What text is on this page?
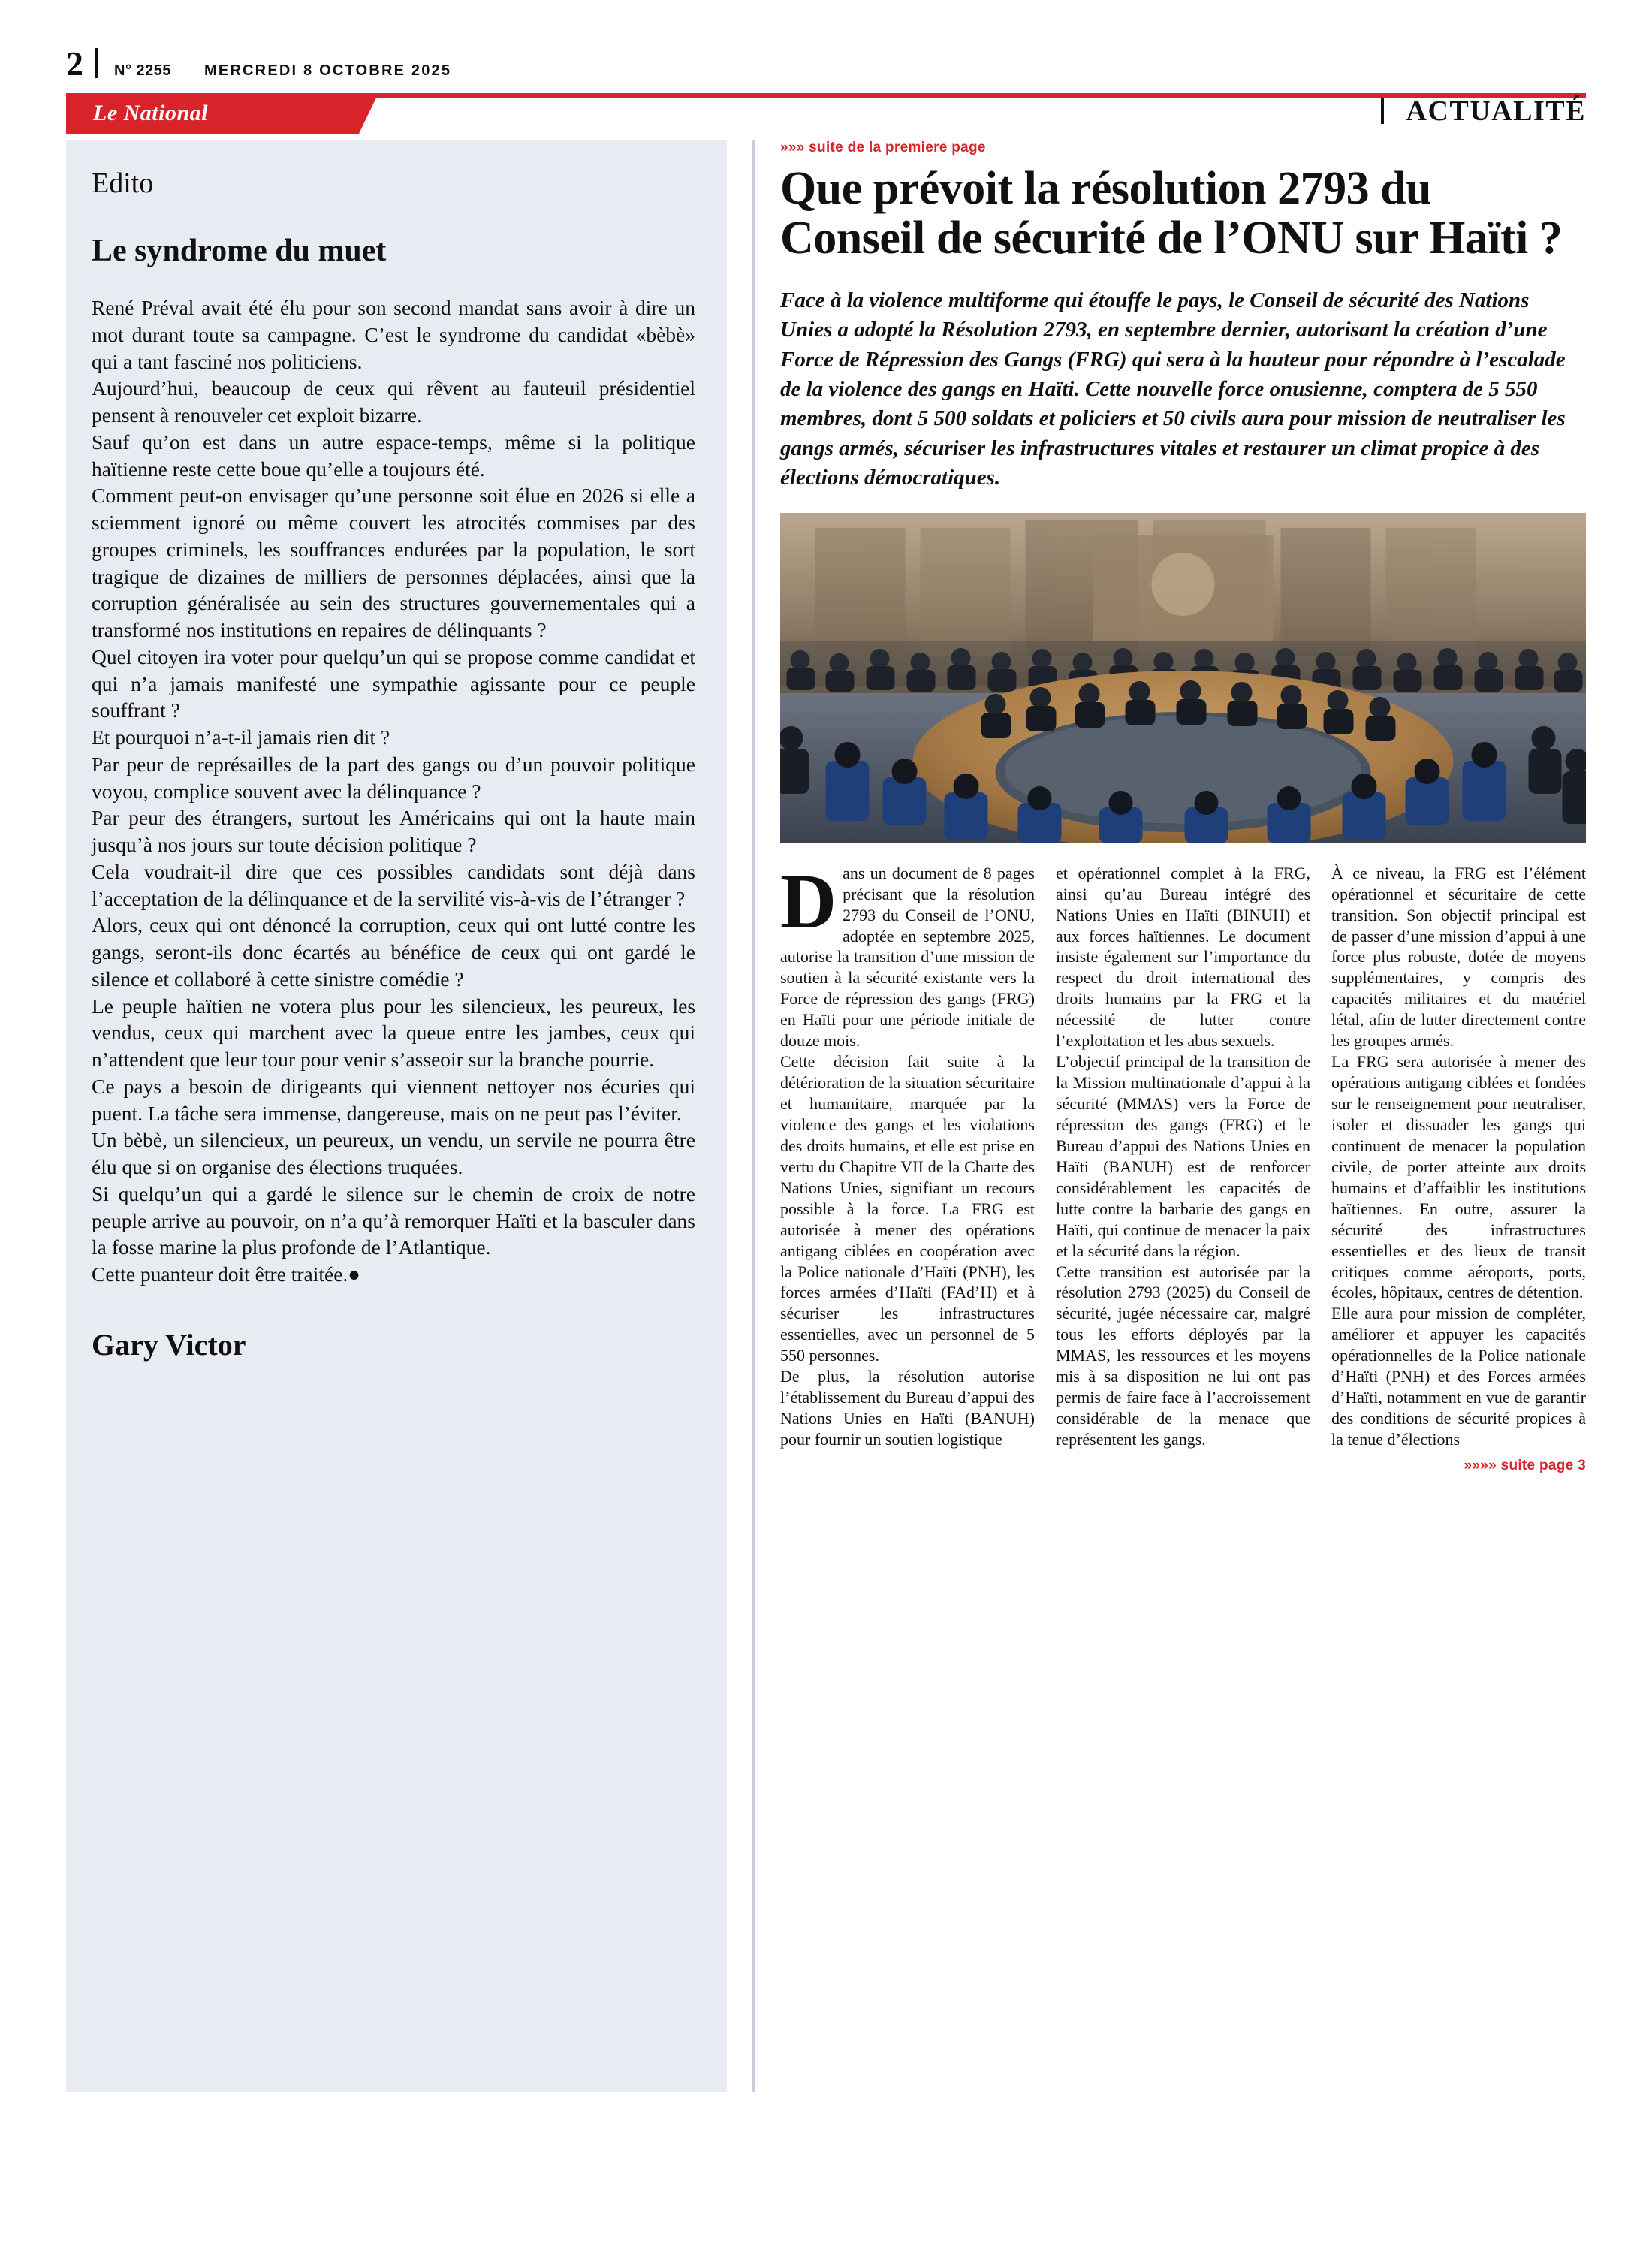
2 N° 2255 MERCREDI 8 OCTOBRE 2025
Le National	ACTUALITÉ
Edito
Le syndrome du muet

René Préval avait été élu pour son second mandat sans avoir à dire un mot durant toute sa campagne. C’est le syndrome du candidat «bèbè» qui a tant fasciné nos politiciens.

Aujourd’hui, beaucoup de ceux qui rêvent au fauteuil présidentiel pensent à renouveler cet exploit bizarre.

Sauf qu’on est dans un autre espace-temps, même si la politique haïtienne reste cette boue qu’elle a toujours été.

Comment peut-on envisager qu’une personne soit élue en 2026 si elle a sciemment ignoré ou même couvert les atrocités commises par des groupes criminels, les souffrances endurées par la population, le sort tragique de dizaines de milliers de personnes déplacées, ainsi que la corruption généralisée au sein des structures gouvernementales qui a transformé nos institutions en repaires de délinquants ?

Quel citoyen ira voter pour quelqu’un qui se propose comme candidat et qui n’a jamais manifesté une sympathie agissante pour ce peuple souffrant ?

Et pourquoi n’a-t-il jamais rien dit ?

Par peur de représailles de la part des gangs ou d’un pouvoir politique voyou, complice souvent avec la délinquance ?

Par peur des étrangers, surtout les Américains qui ont la haute main jusqu’à nos jours sur toute décision politique ?

Cela voudrait-il dire que ces possibles candidats sont déjà dans l’acceptation de la délinquance et de la servilité vis-à-vis de l’étranger ?

Alors, ceux qui ont dénoncé la corruption, ceux qui ont lutté contre les gangs, seront-ils donc écartés au bénéfice de ceux qui ont gardé le silence et collaboré à cette sinistre comédie ?

Le peuple haïtien ne votera plus pour les silencieux, les peureux, les vendus, ceux qui marchent avec la queue entre les jambes, ceux qui n’attendent que leur tour pour venir s’asseoir sur la branche pourrie.

Ce pays a besoin de dirigeants qui viennent nettoyer nos écuries qui puent. La tâche sera immense, dangereuse, mais on ne peut pas l’éviter.

Un bèbè, un silencieux, un peureux, un vendu, un servile ne pourra être élu que si on organise des élections truquées.

Si quelqu’un qui a gardé le silence sur le chemin de croix de notre peuple arrive au pouvoir, on n’a qu’à remorquer Haïti et la basculer dans la fosse marine la plus profonde de l’Atlantique.

Cette puanteur doit être traitée.●

Gary Victor
»»» suite de la premiere page
Que prévoit la résolution 2793 du Conseil de sécurité de l’ONU sur Haïti ?
Face à la violence multiforme qui étouffe le pays, le Conseil de sécurité des Nations Unies a adopté la Résolution 2793, en septembre dernier, autorisant la création d’une Force de Répression des Gangs (FRG) qui sera à la hauteur pour répondre à l’escalade de la violence des gangs en Haïti. Cette nouvelle force onusienne, comptera de 5 550 membres, dont 5 500 soldats et policiers et 50 civils aura pour mission de neutraliser les gangs armés, sécuriser les infrastructures vitales et restaurer un climat propice à des élections démocratiques.

Dans un document de 8 pages précisant que la résolution 2793 du Conseil de l’ONU, adoptée en septembre 2025, autorise la transition d’une mission de soutien à la sécurité existante vers la Force de répression des gangs (FRG) en Haïti pour une période initiale de douze mois.

Cette décision fait suite à la détérioration de la situation sécuritaire et humanitaire, marquée par la violence des gangs et les violations des droits humains, et elle est prise en vertu du Chapitre VII de la Charte des Nations Unies, signifiant un recours possible à la force. La FRG est autorisée à mener des opérations antigang ciblées en coopération avec la Police nationale d’Haïti (PNH), les forces armées d’Haïti (FAd’H) et à sécuriser les infrastructures essentielles, avec un personnel de 5 550 personnes.

De plus, la résolution autorise l’établissement du Bureau d’appui des Nations Unies en Haïti (BANUH) pour fournir un soutien logistique

et opérationnel complet à la FRG, ainsi qu’au Bureau intégré des Nations Unies en Haïti (BINUH) et aux forces haïtiennes. Le document insiste également sur l’importance du respect du droit international des droits humains par la FRG et la nécessité de lutter contre l’exploitation et les abus sexuels.

L’objectif principal de la transition de la Mission multinationale d’appui à la sécurité (MMAS) vers la Force de répression des gangs (FRG) et le Bureau d’appui des Nations Unies en Haïti (BANUH) est de renforcer considérablement les capacités de lutte contre la barbarie des gangs en Haïti, qui continue de menacer la paix et la sécurité dans la région.

Cette transition est autorisée par la résolution 2793 (2025) du Conseil de sécurité, jugée nécessaire car, malgré tous les efforts déployés par la MMAS, les ressources et les moyens mis à sa disposition ne lui ont pas permis de faire face à l’accroissement considérable de la menace que représentent les gangs.

À ce niveau, la FRG est l’élément opérationnel et sécuritaire de cette transition. Son objectif principal est de passer d’une mission d’appui à une force plus robuste, dotée de moyens supplémentaires, y compris des capacités militaires et du matériel létal, afin de lutter directement contre les groupes armés.

La FRG sera autorisée à mener des opérations antigang ciblées et fondées sur le renseignement pour neutraliser, isoler et dissuader les gangs qui continuent de menacer la population civile, de porter atteinte aux droits humains et d’affaiblir les institutions haïtiennes. En outre, assurer la sécurité des infrastructures essentielles et des lieux de transit critiques comme aéroports, ports, écoles, hôpitaux, centres de détention.

Elle aura pour mission de compléter, améliorer et appuyer les capacités opérationnelles de la Police nationale d’Haïti (PNH) et des Forces armées d’Haïti, notamment en vue de garantir des conditions de sécurité propices à la tenue d’élections

»»»» suite page 3
